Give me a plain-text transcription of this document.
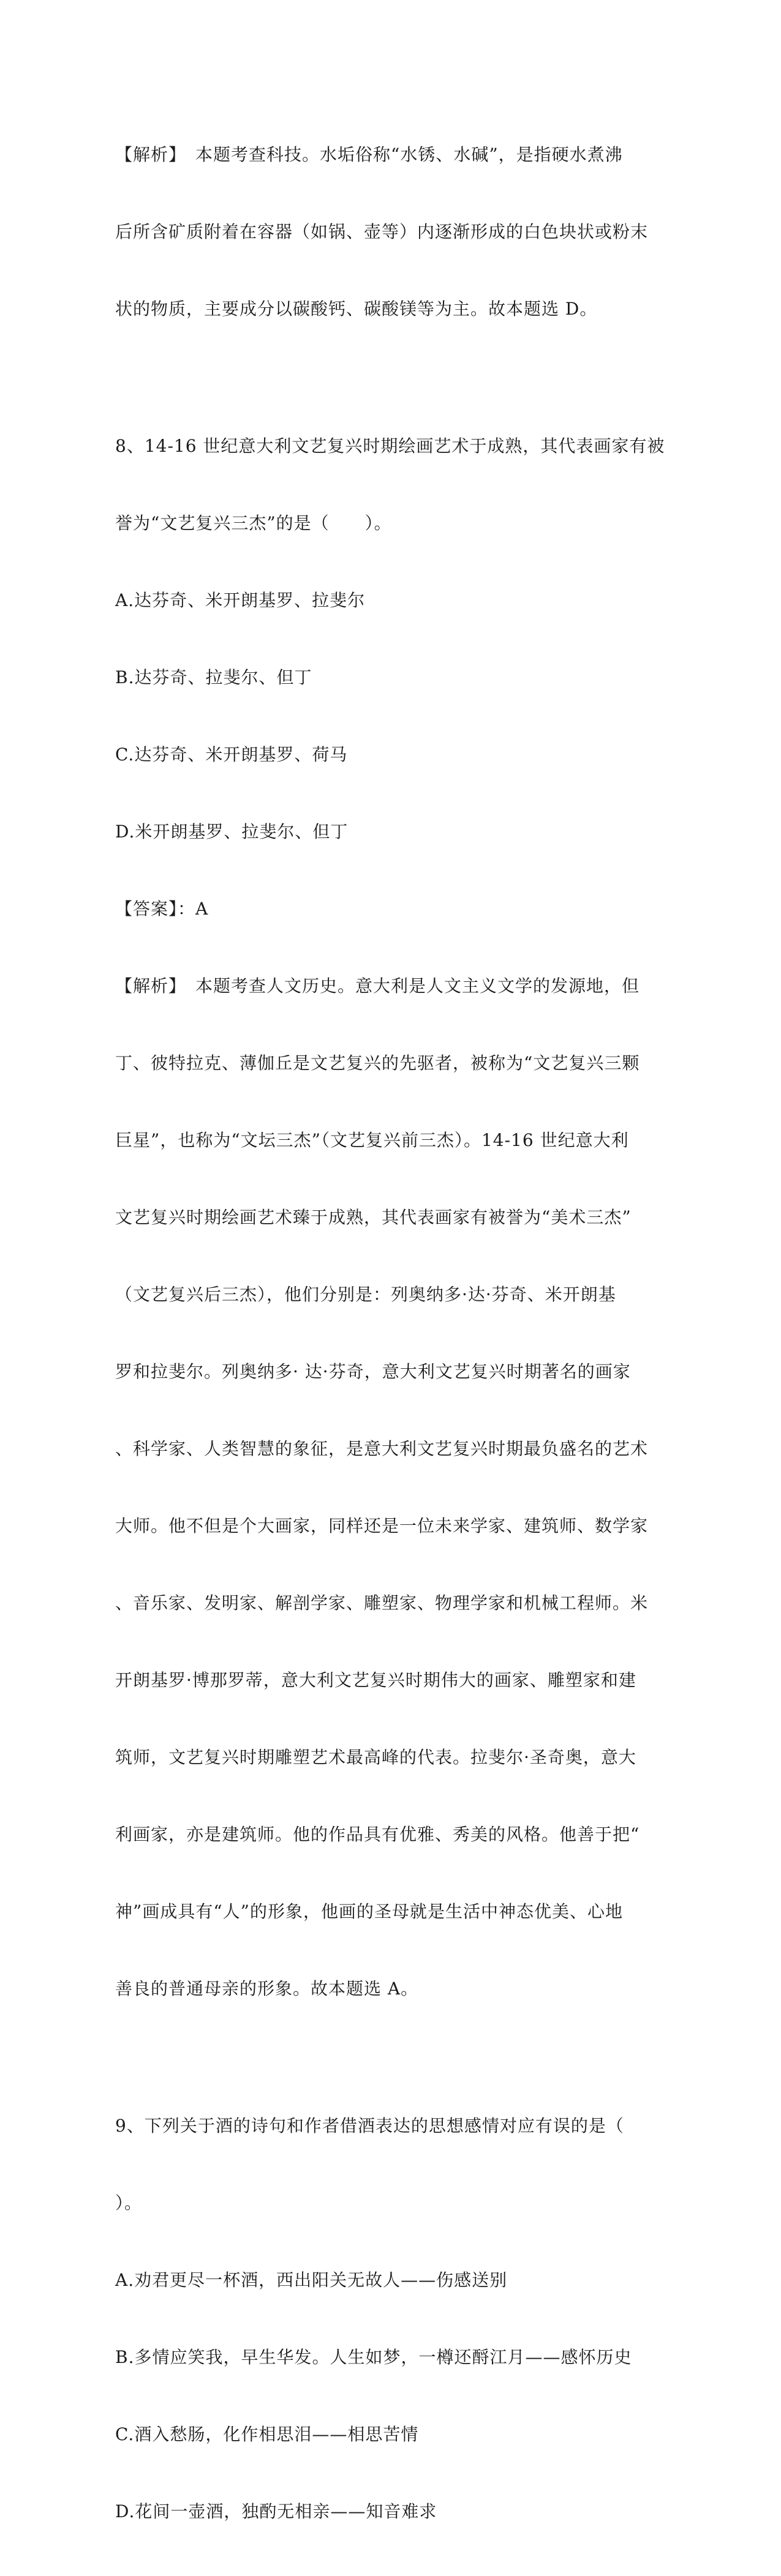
【解析】　本题考查科技。水垢俗称“水锈、水碱”，是指硬水煮沸

后所含矿质附着在容器（如锅、壶等）内逐渐形成的白色块状或粉末

状的物质，主要成分以碳酸钙、碳酸镁等为主。故本题选 D。

8、14-16 世纪意大利文艺复兴时期绘画艺术于成熟，其代表画家有被

誉为“文艺复兴三杰”的是（　　）。

A.达芬奇、米开朗基罗、拉斐尔

B.达芬奇、拉斐尔、但丁

C.达芬奇、米开朗基罗、荷马

D.米开朗基罗、拉斐尔、但丁

【答案】：A

【解析】　本题考查人文历史。意大利是人文主义文学的发源地，但

丁、彼特拉克、薄伽丘是文艺复兴的先驱者，被称为“文艺复兴三颗

巨星”，也称为“文坛三杰”（文艺复兴前三杰）。14-16 世纪意大利

文艺复兴时期绘画艺术臻于成熟，其代表画家有被誉为“美术三杰”

（文艺复兴后三杰），他们分别是：列奥纳多·达·芬奇、米开朗基

罗和拉斐尔。列奥纳多· 达·芬奇，意大利文艺复兴时期著名的画家

、科学家、人类智慧的象征，是意大利文艺复兴时期最负盛名的艺术

大师。他不但是个大画家，同样还是一位未来学家、建筑师、数学家

、音乐家、发明家、解剖学家、雕塑家、物理学家和机械工程师。米

开朗基罗·博那罗蒂，意大利文艺复兴时期伟大的画家、雕塑家和建

筑师，文艺复兴时期雕塑艺术最高峰的代表。拉斐尔·圣奇奥，意大

利画家，亦是建筑师。他的作品具有优雅、秀美的风格。他善于把“

神”画成具有“人”的形象，他画的圣母就是生活中神态优美、心地

善良的普通母亲的形象。故本题选 A。

9、下列关于酒的诗句和作者借酒表达的思想感情对应有误的是（

）。

A.劝君更尽一杯酒，西出阳关无故人——伤感送别

B.多情应笑我，早生华发。人生如梦，一樽还酹江月——感怀历史

C.酒入愁肠，化作相思泪——相思苦情

D.花间一壶酒，独酌无相亲——知音难求
